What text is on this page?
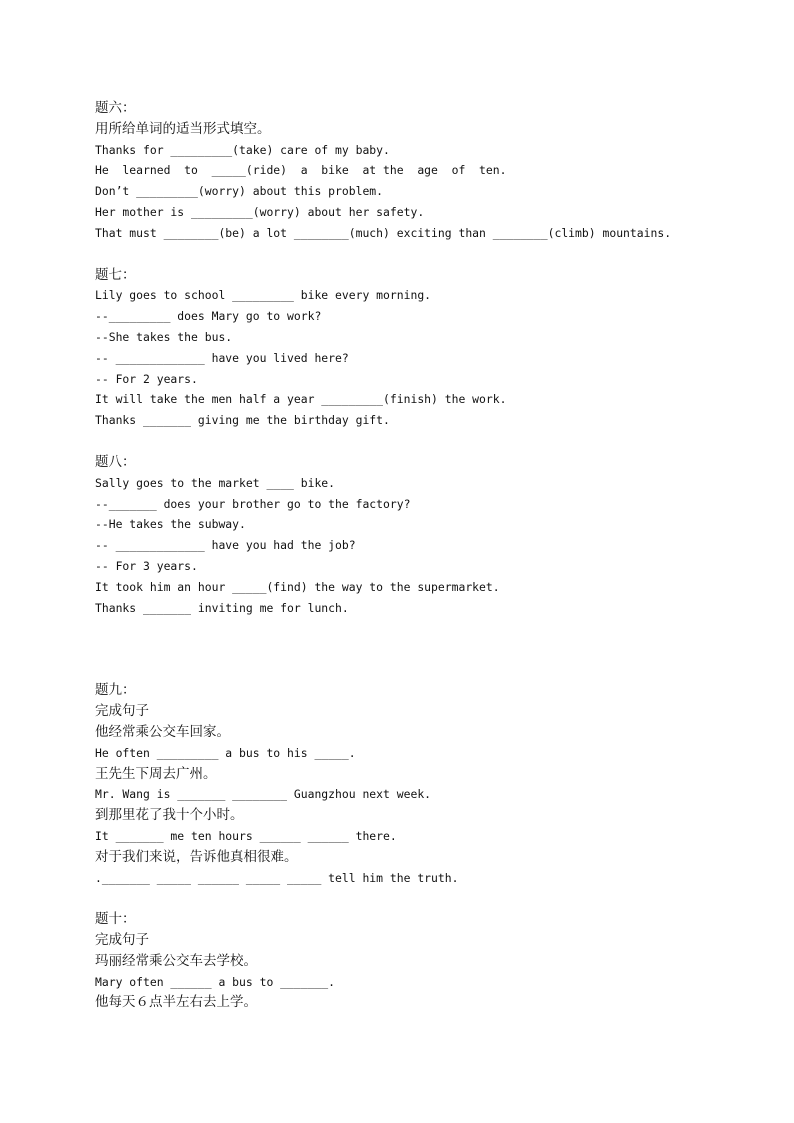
题六：
用所给单词的适当形式填空。
Thanks for _________(take) care of my baby.
He  learned  to  _____(ride)  a  bike  at the  age  of  ten.
Don’t _________(worry) about this problem.
Her mother is _________(worry) about her safety.
That must ________(be) a lot ________(much) exciting than ________(climb) mountains.
题七：
Lily goes to school _________ bike every morning.
--_________ does Mary go to work?
--She takes the bus.
-- _____________ have you lived here?
-- For 2 years.
It will take the men half a year _________(finish) the work.
Thanks _______ giving me the birthday gift.
题八：
Sally goes to the market ____ bike.
--_______ does your brother go to the factory?
--He takes the subway.
-- _____________ have you had the job?
-- For 3 years.
It took him an hour _____(find) the way to the supermarket.
Thanks _______ inviting me for lunch.
题九：
完成句子
他经常乘公交车回家。
He often _________ a bus to his _____.
王先生下周去广州。
Mr. Wang is _______ ________ Guangzhou next week.
到那里花了我十个小时。
It _______ me ten hours ______ ______ there.
对于我们来说，告诉他真相很难。
._______ _____ ______ _____ _____ tell him the truth.
题十：
完成句子
玛丽经常乘公交车去学校。
Mary often ______ a bus to _______.
他每天６点半左右去上学。
